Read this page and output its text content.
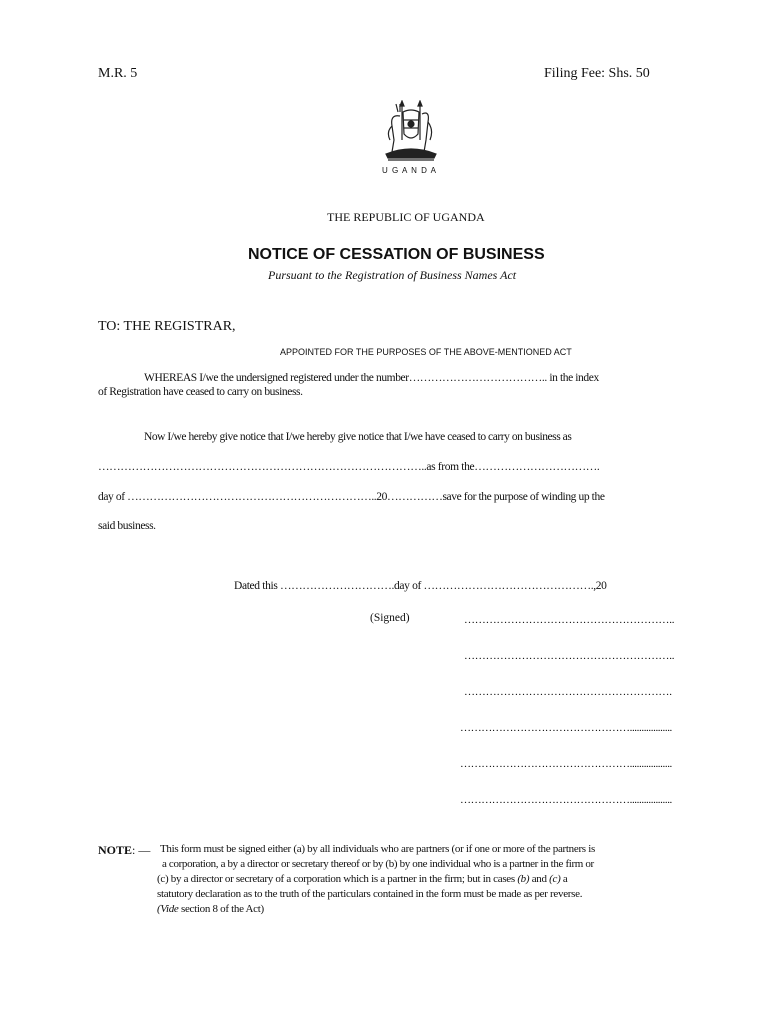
M.R. 5	Filing Fee: Shs. 50
U G A N D A
THE REPUBLIC OF UGANDA
NOTICE OF CESSATION OF BUSINESS
Pursuant to the Registration of Business Names Act
TO: THE REGISTRAR,
APPOINTED FOR THE PURPOSES OF THE ABOVE-MENTIONED ACT
WHEREAS I/we the undersigned registered under the number……………………………….. in the index
of Registration have ceased to carry on business.
Now I/we hereby give notice that I/we hereby give notice that I/we have ceased to carry on business as
……………………………………………………………………………..as from the…………………………….
day of …………………………………………………………..20……………save for the purpose of winding up the
said business.
Dated this ………………………….day of ……………………………………….,20
(Signed)	…………………………………………………..
…………………………………………………..
………………………………………………….
…………………………………………..................
…………………………………………..................
…………………………………………..................
NOTE: — This form must be signed either (a) by all individuals who are partners (or if one or more of the partners is
a corporation, a by a director or secretary thereof or by (b) by one individual who is a partner in the firm or
(c) by a director or secretary of a corporation which is a partner in the firm; but in cases (b) and (c) a
statutory declaration as to the truth of the particulars contained in the form must be made as per reverse.
(Vide section 8 of the Act)
